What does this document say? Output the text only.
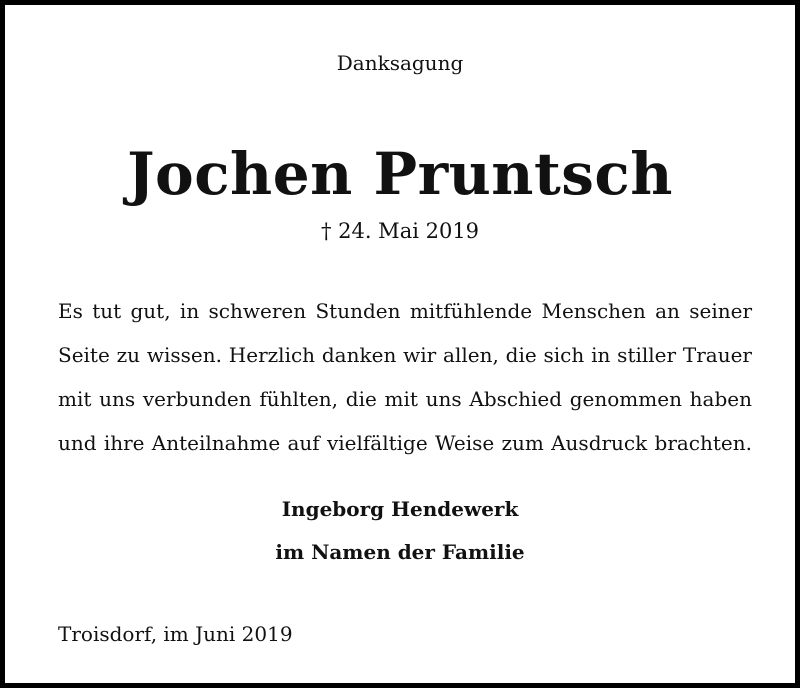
Danksagung
Jochen Pruntsch
† 24. Mai 2019

Es tut gut, in schweren Stunden mitfühlende Menschen an seiner
Seite zu wissen. Herzlich danken wir allen, die sich in stiller Trauer
mit uns verbunden fühlten, die mit uns Abschied genommen haben
und ihre Anteilnahme auf vielfältige Weise zum Ausdruck brachten.

Ingeborg Hendewerk
im Namen der Familie
Troisdorf, im Juni 2019
